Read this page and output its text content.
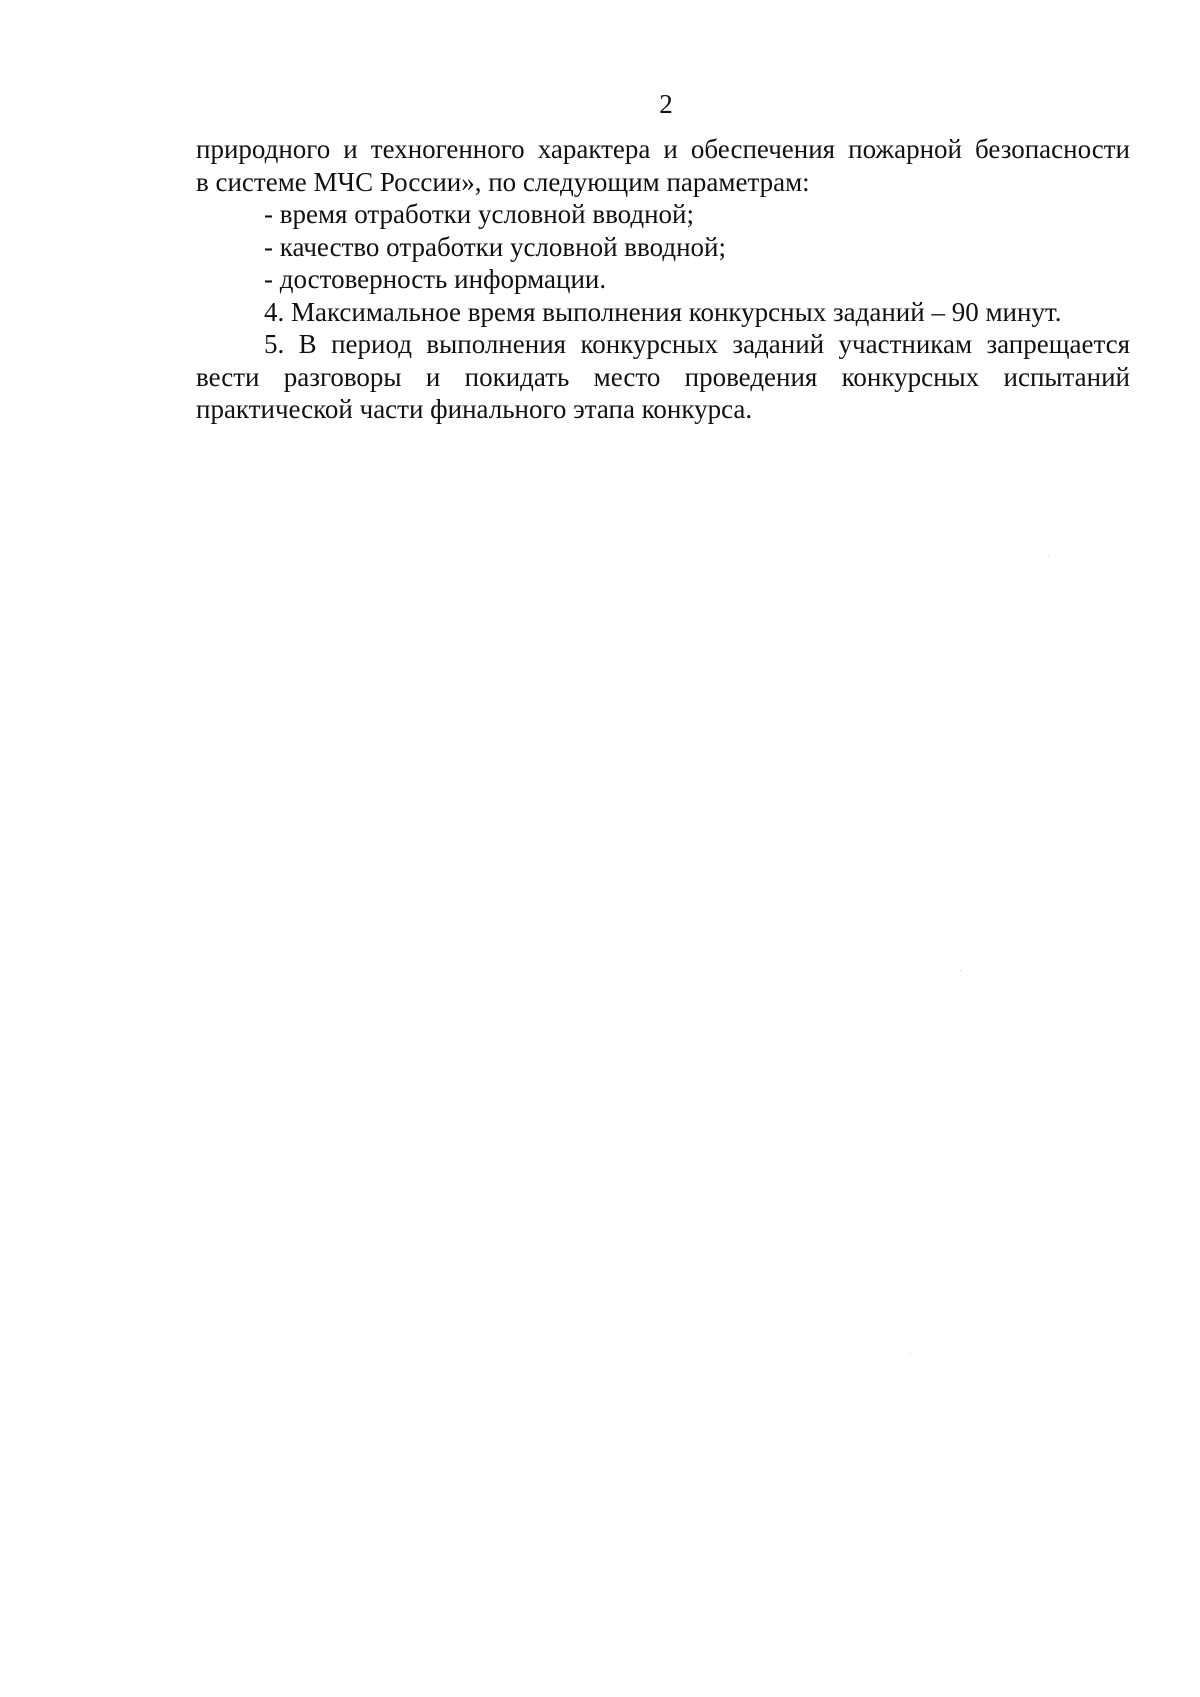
2
природного и техногенного характера и обеспечения пожарной безопасности
в системе МЧС России», по следующим параметрам:
- время отработки условной вводной;
- качество отработки условной вводной;
- достоверность информации.
4. Максимальное время выполнения конкурсных заданий – 90 минут.
5. В период выполнения конкурсных заданий участникам запрещается
вести разговоры и покидать место проведения конкурсных испытаний
практической части финального этапа конкурса.
